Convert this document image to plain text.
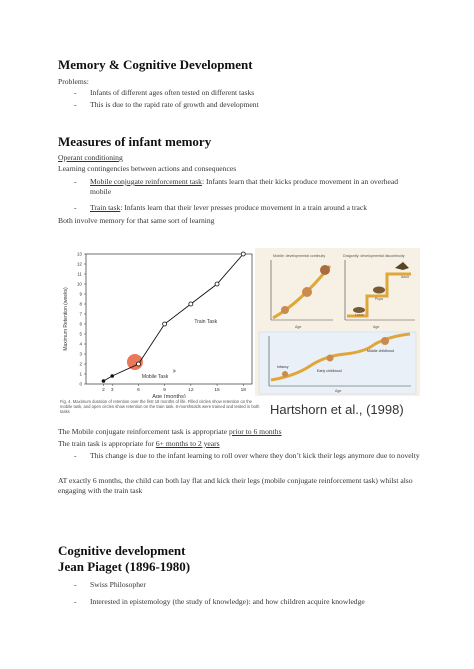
Memory & Cognitive Development
Problems:
- Infants of different ages often tested on different tasks
- This is due to the rapid rate of growth and development
Measures of infant memory
Operant conditioning
Learning contingencies between actions and consequences
- Mobile conjugate reinforcement task: Infants learn that their kicks produce movement in an overhead mobile
- Train task: Infants learn that their lever presses produce movement in a train around a track
Both involve memory for that same sort of learning
0
1
2
3
4
5
6
7
8
9
10
11
12
13
2 3	6	9	12	15	18
Age (months)
Maximum Retention (weeks)	Train Task
Mobile Task
Fig. 4. Maximum duration of retention over the first 18 months of life. Filled circles show retention on the mobile task, and open circles show retention on the train task. 6-monthsolds were trained and tested in both tasks
Mobile: developmental continuity
Age
Dragonfly: developmental discontinuity
Larva
Pupa
Adult
Age
Infancy
Early childhood
Middle childhood
Age
Hartshorn et al., (1998)
The Mobile conjugate reinforcement task is appropriate prior to 6 months
The train task is appropriate for 6+ months to 2 years
- This change is due to the infant learning to roll over where they don’t kick their legs anymore due to novelty
AT exactly 6 months, the child can both lay flat and kick their legs (mobile conjugate reinforcement task) whilst also engaging with the train task
Cognitive development
Jean Piaget (1896-1980)
- Swiss Philosopher
- Interested in epistemology (the study of knowledge): and how children acquire knowledge
